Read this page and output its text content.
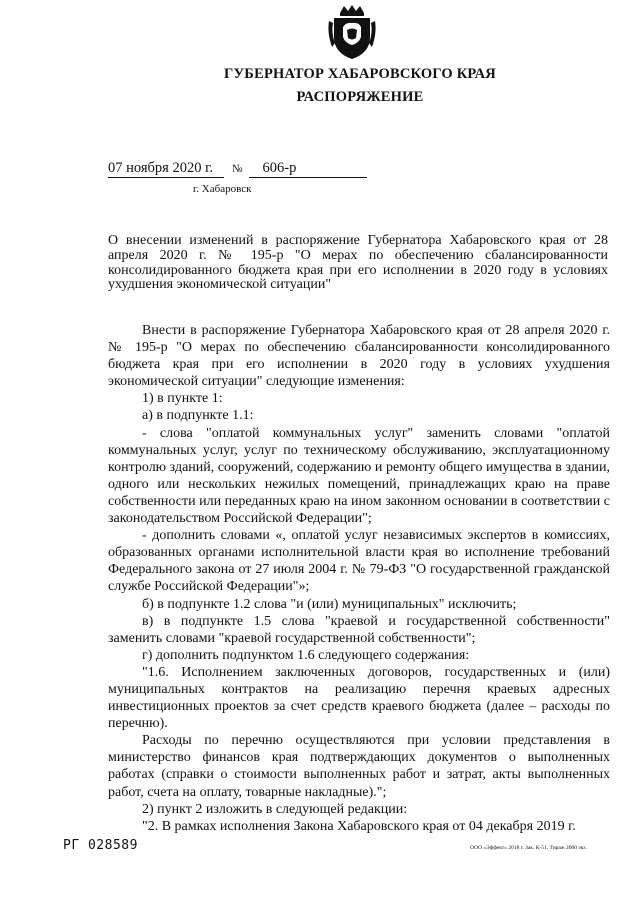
ГУБЕРНАТОР ХАБАРОВСКОГО КРАЯ
РАСПОРЯЖЕНИЕ
07 ноября 2020 г. № 606-р
г. Хабаровск
О внесении изменений в распоряжение Губернатора Хабаровского края от 28 апреля 2020 г. № 195-р "О мерах по обеспечению сбалансированности консолидированного бюджета края при его исполнении в 2020 году в условиях ухудшения экономической ситуации"

Внести в распоряжение Губернатора Хабаровского края от 28 апреля 2020 г. № 195-р "О мерах по обеспечению сбалансированности консолидированного бюджета края при его исполнении в 2020 году в условиях ухудшения экономической ситуации" следующие изменения:

1) в пункте 1:

а) в подпункте 1.1:

- слова "оплатой коммунальных услуг" заменить словами "оплатой коммунальных услуг, услуг по техническому обслуживанию, эксплуатационному контролю зданий, сооружений, содержанию и ремонту общего имущества в здании, одного или нескольких нежилых помещений, принадлежащих краю на праве собственности или переданных краю на ином законном основании в соответствии с законодательством Российской Федерации";

- дополнить словами «, оплатой услуг независимых экспертов в комиссиях, образованных органами исполнительной власти края во исполнение требований Федерального закона от 27 июля 2004 г. № 79-ФЗ "О государственной гражданской службе Российской Федерации"»;

б) в подпункте 1.2 слова "и (или) муниципальных" исключить;

в) в подпункте 1.5 слова "краевой и государственной собственности" заменить словами "краевой государственной собственности";

г) дополнить подпунктом 1.6 следующего содержания:

"1.6. Исполнением заключенных договоров, государственных и (или) муниципальных контрактов на реализацию перечня краевых адресных инвестиционных проектов за счет средств краевого бюджета (далее – расходы по перечню).

Расходы по перечню осуществляются при условии представления в министерство финансов края подтверждающих документов о выполненных работах (справки о стоимости выполненных работ и затрат, акты выполненных работ, счета на оплату, товарные накладные).";

2) пункт 2 изложить в следующей редакции:

"2. В рамках исполнения Закона Хабаровского края от 04 декабря 2019 г.

РГ 028589	ООО «Эффект» 2018 г. Зак. К-51. Тираж 2000 экз.
